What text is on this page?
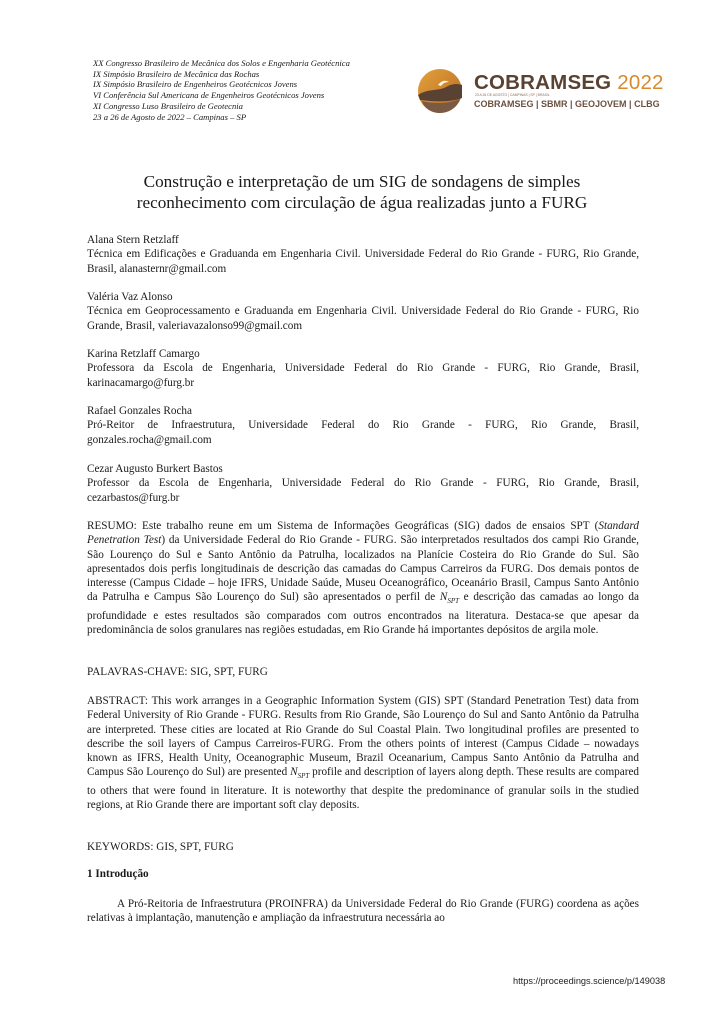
XX Congresso Brasileiro de Mecânica dos Solos e Engenharia Geotécnica
IX Simpósio Brasileiro de Mecânica das Rochas
IX Simpósio Brasileiro de Engenheiros Geotécnicos Jovens
VI Conferência Sul Americana de Engenheiros Geotécnicos Jovens
XI Congresso Luso Brasileiro de Geotecnia
23 a 26 de Agosto de 2022 – Campinas – SP
COBRAMSEG 2022
23 A 26 DE AGOSTO | CAMPINAS | SP | BRASIL
COBRAMSEG | SBMR | GEOJOVEM | CLBG
Construção e interpretação de um SIG de sondagens de simples
reconhecimento com circulação de água realizadas junto a FURG
Alana Stern Retzlaff
Técnica em Edificações e Graduanda em Engenharia Civil. Universidade Federal do Rio Grande - FURG, Rio Grande, Brasil, alanasternr@gmail.com
Valéria Vaz Alonso
Técnica em Geoprocessamento e Graduanda em Engenharia Civil. Universidade Federal do Rio Grande - FURG, Rio Grande, Brasil, valeriavazalonso99@gmail.com
Karina Retzlaff Camargo
Professora da Escola de Engenharia, Universidade Federal do Rio Grande - FURG, Rio Grande, Brasil, karinacamargo@furg.br
Rafael Gonzales Rocha
Pró-Reitor de Infraestrutura, Universidade Federal do Rio Grande - FURG, Rio Grande, Brasil, gonzales.rocha@gmail.com
Cezar Augusto Burkert Bastos
Professor da Escola de Engenharia, Universidade Federal do Rio Grande - FURG, Rio Grande, Brasil, cezarbastos@furg.br
RESUMO: Este trabalho reune em um Sistema de Informações Geográficas (SIG) dados de ensaios SPT (Standard Penetration Test) da Universidade Federal do Rio Grande - FURG. São interpretados resultados dos campi Rio Grande, São Lourenço do Sul e Santo Antônio da Patrulha, localizados na Planície Costeira do Rio Grande do Sul. São apresentados dois perfis longitudinais de descrição das camadas do Campus Carreiros da FURG. Dos demais pontos de interesse (Campus Cidade – hoje IFRS, Unidade Saúde, Museu Oceanográfico, Oceanário Brasil, Campus Santo Antônio da Patrulha e Campus São Lourenço do Sul) são apresentados o perfil de $N_{SPT}$ e descrição das camadas ao longo da profundidade e estes resultados são comparados com outros encontrados na literatura. Destaca-se que apesar da predominância de solos granulares nas regiões estudadas, em Rio Grande há importantes depósitos de argila mole.
PALAVRAS-CHAVE: SIG, SPT, FURG
ABSTRACT: This work arranges in a Geographic Information System (GIS) SPT (Standard Penetration Test) data from Federal University of Rio Grande - FURG. Results from Rio Grande, São Lourenço do Sul and Santo Antônio da Patrulha are interpreted. These cities are located at Rio Grande do Sul Coastal Plain. Two longitudinal profiles are presented to describe the soil layers of Campus Carreiros-FURG. From the others points of interest (Campus Cidade – nowadays known as IFRS, Health Unity, Oceanographic Museum, Brazil Oceanarium, Campus Santo Antônio da Patrulha and Campus São Lourenço do Sul) are presented $N_{SPT}$ profile and description of layers along depth. These results are compared to others that were found in literature. It is noteworthy that despite the predominance of granular soils in the studied regions, at Rio Grande there are important soft clay deposits.
KEYWORDS: GIS, SPT, FURG
1 Introdução
A Pró-Reitoria de Infraestrutura (PROINFRA) da Universidade Federal do Rio Grande (FURG) coordena as ações relativas à implantação, manutenção e ampliação da infraestrutura necessária ao
https://proceedings.science/p/149038
